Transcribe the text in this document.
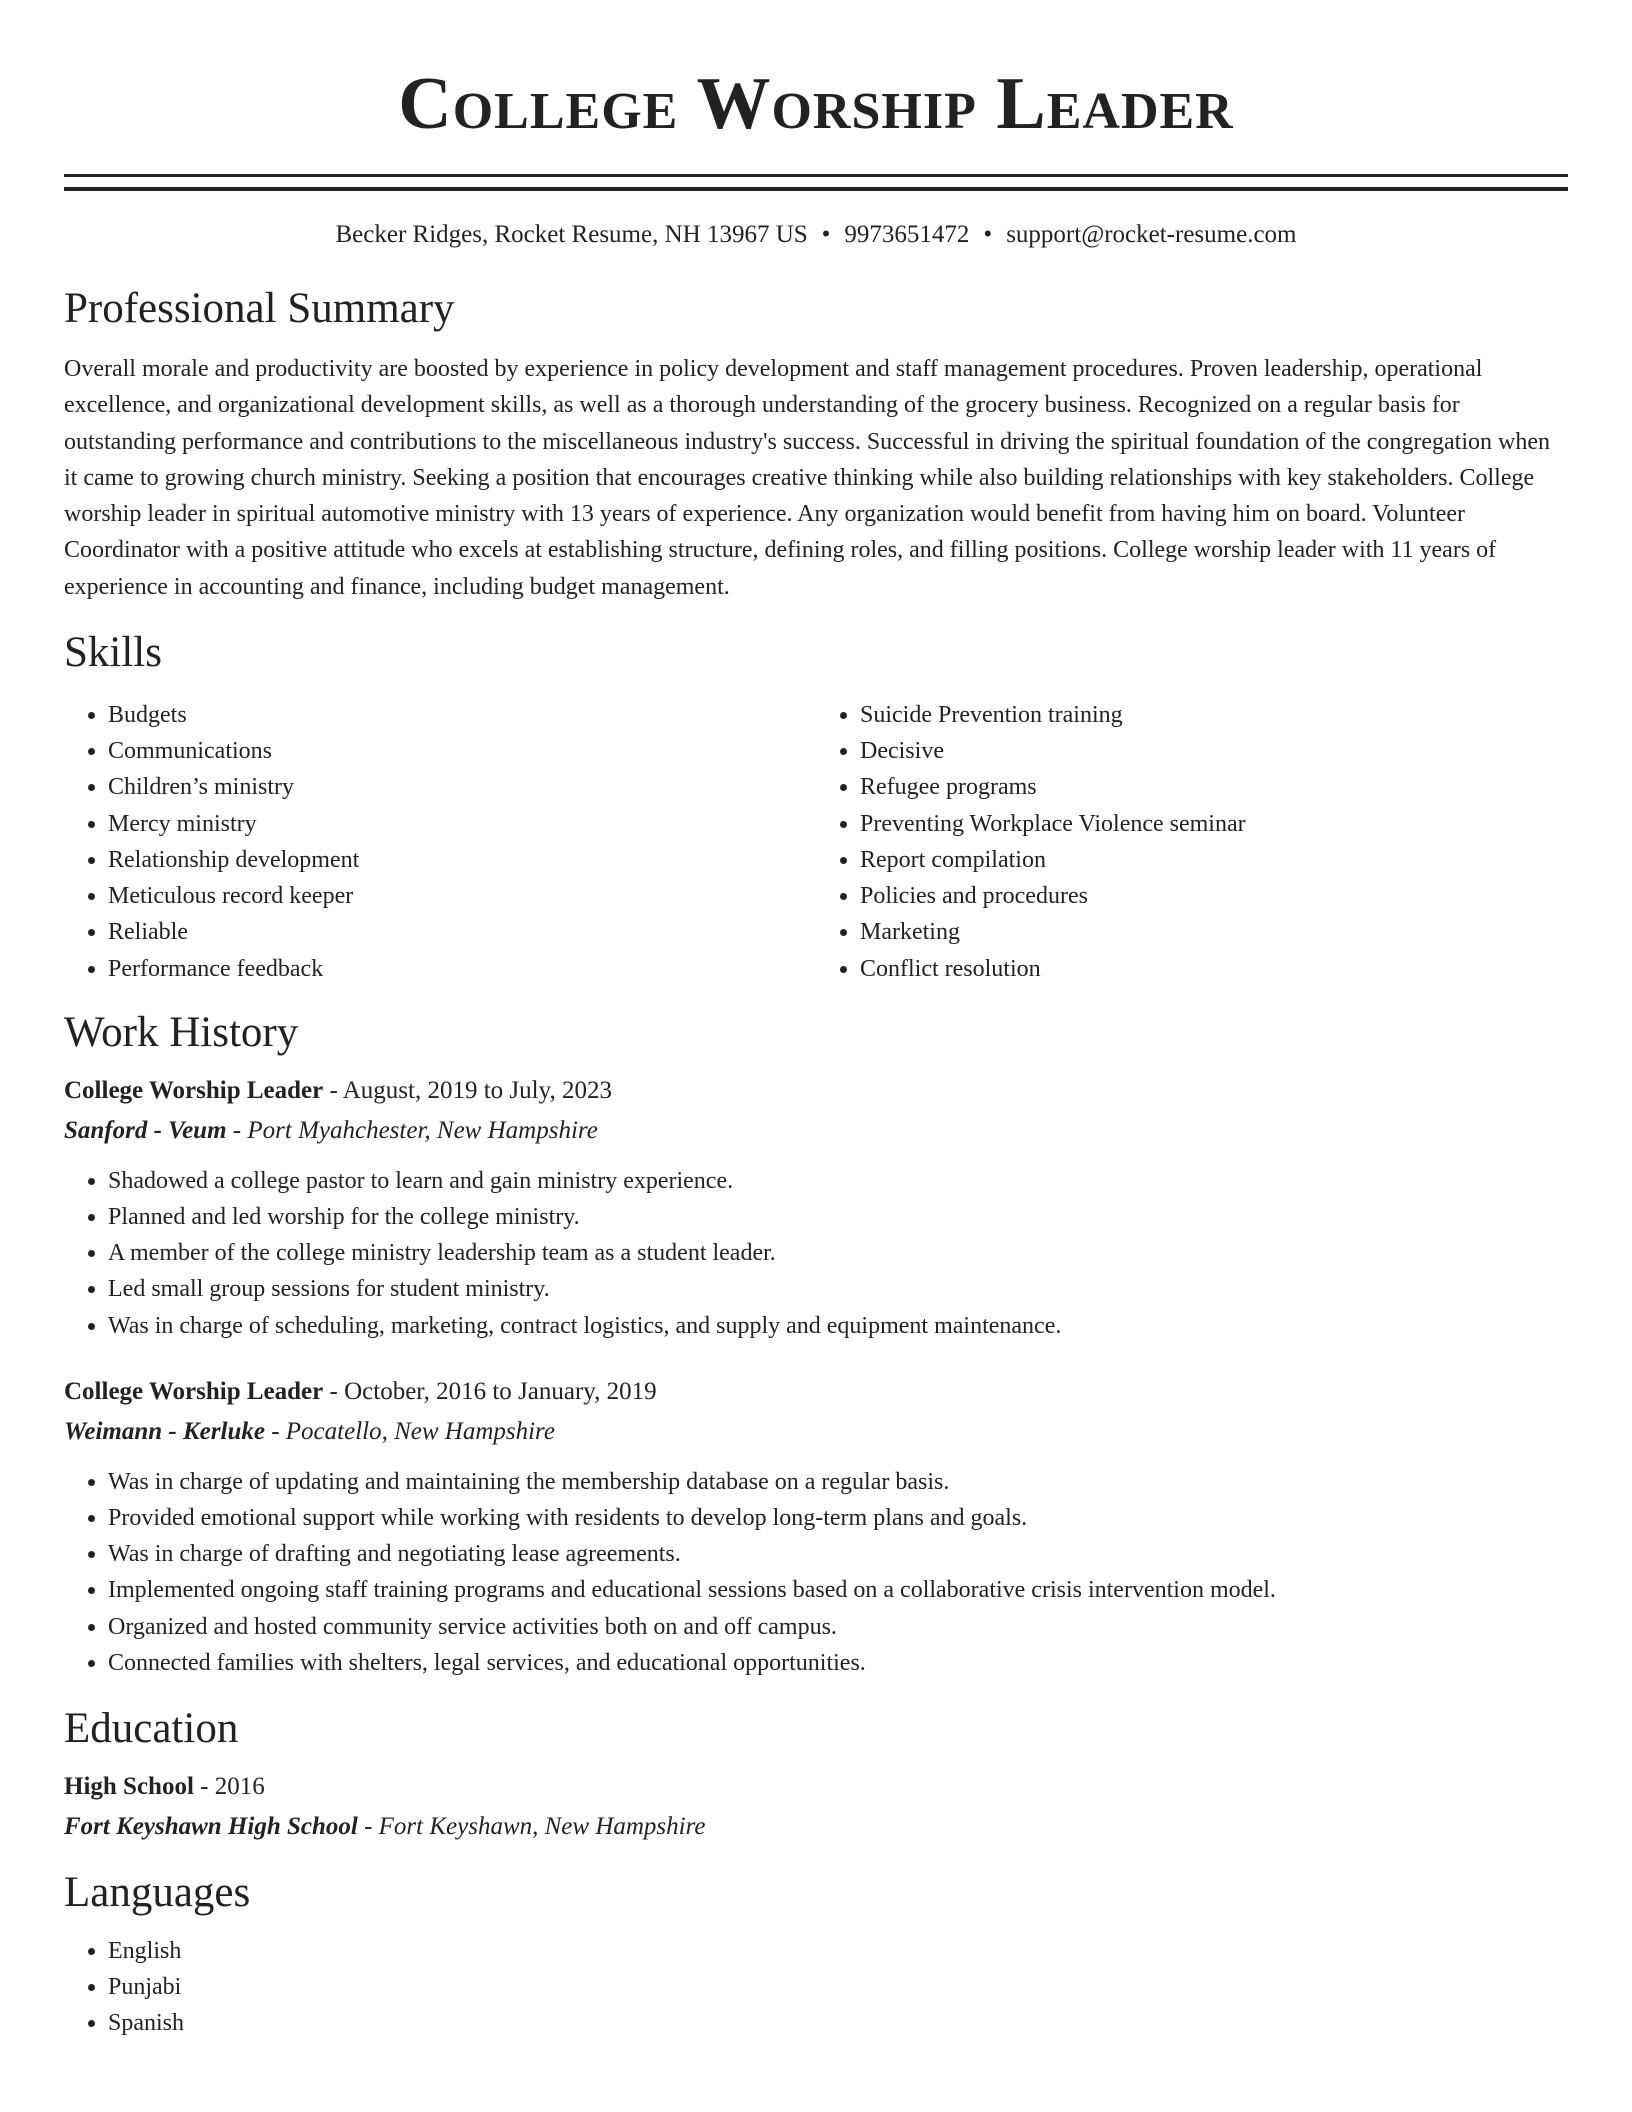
College Worship Leader
Becker Ridges, Rocket Resume, NH 13967 US • 9973651472 • support@rocket-resume.com
Professional Summary

Overall morale and productivity are boosted by experience in policy development and staff management procedures. Proven leadership, operational excellence, and organizational development skills, as well as a thorough understanding of the grocery business. Recognized on a regular basis for outstanding performance and contributions to the miscellaneous industry's success. Successful in driving the spiritual foundation of the congregation when it came to growing church ministry. Seeking a position that encourages creative thinking while also building relationships with key stakeholders. College worship leader in spiritual automotive ministry with 13 years of experience. Any organization would benefit from having him on board. Volunteer Coordinator with a positive attitude who excels at establishing structure, defining roles, and filling positions. College worship leader with 11 years of experience in accounting and finance, including budget management.

Skills
• Budgets
• Communications
• Children’s ministry
• Mercy ministry
• Relationship development
• Meticulous record keeper
• Reliable
• Performance feedback
• Suicide Prevention training
• Decisive
• Refugee programs
• Preventing Workplace Violence seminar
• Report compilation
• Policies and procedures
• Marketing
• Conflict resolution
Work History

College Worship Leader - August, 2019 to July, 2023

Sanford - Veum - Port Myahchester, New Hampshire

• Shadowed a college pastor to learn and gain ministry experience.
• Planned and led worship for the college ministry.
• A member of the college ministry leadership team as a student leader.
• Led small group sessions for student ministry.
• Was in charge of scheduling, marketing, contract logistics, and supply and equipment maintenance.

College Worship Leader - October, 2016 to January, 2019

Weimann - Kerluke - Pocatello, New Hampshire

• Was in charge of updating and maintaining the membership database on a regular basis.
• Provided emotional support while working with residents to develop long-term plans and goals.
• Was in charge of drafting and negotiating lease agreements.
• Implemented ongoing staff training programs and educational sessions based on a collaborative crisis intervention model.
• Organized and hosted community service activities both on and off campus.
• Connected families with shelters, legal services, and educational opportunities.
Education

High School - 2016

Fort Keyshawn High School - Fort Keyshawn, New Hampshire

Languages
• English
• Punjabi
• Spanish
